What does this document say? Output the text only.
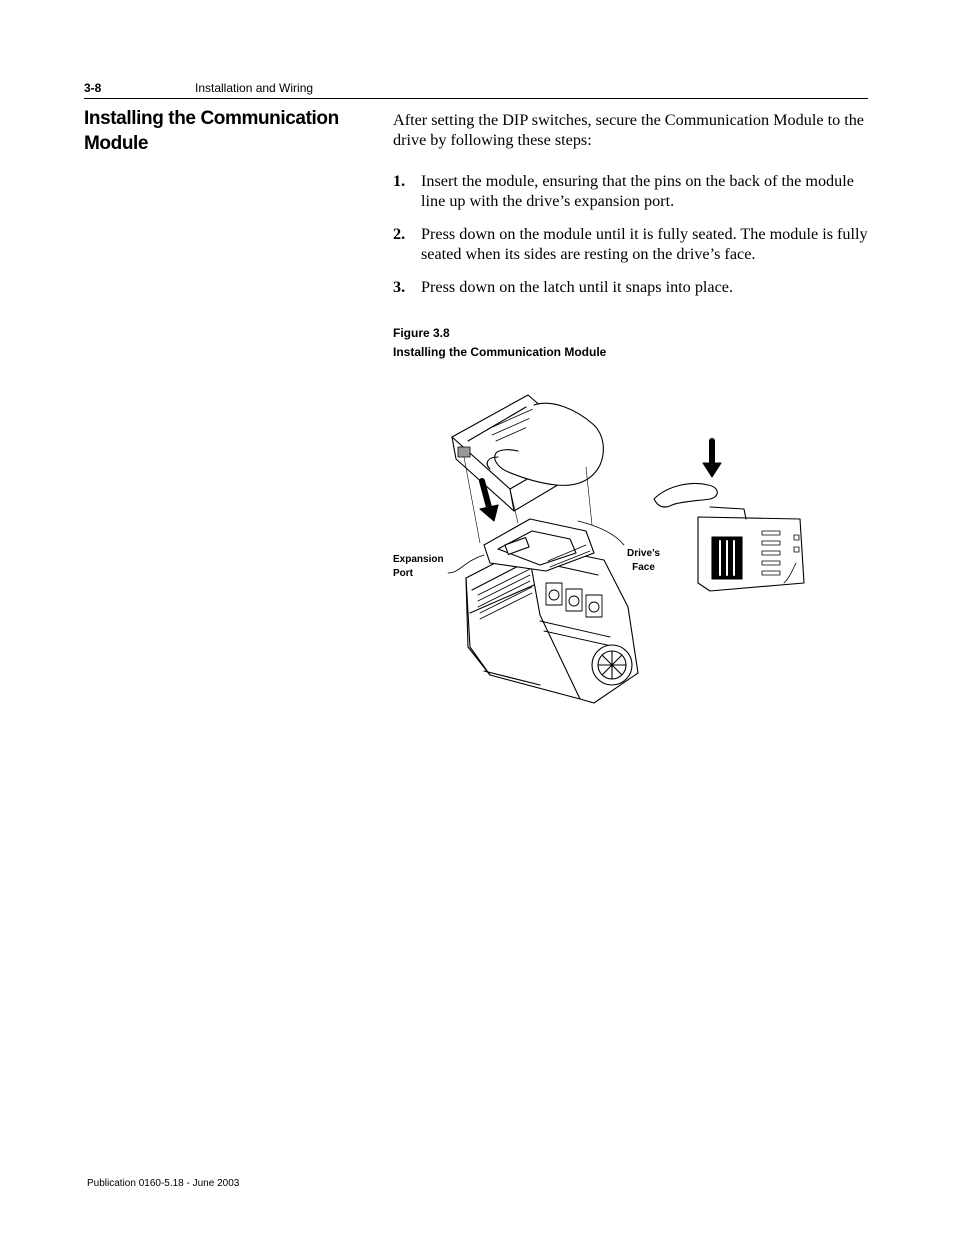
3-8	Installation and Wiring
Installing the Communication Module
After setting the DIP switches, secure the Communication Module to the drive by following these steps:
1. Insert the module, ensuring that the pins on the back of the module line up with the drive’s expansion port.
2. Press down on the module until it is fully seated. The module is fully seated when its sides are resting on the drive’s face.
3. Press down on the latch until it snaps into place.
Figure 3.8
Installing the Communication Module
Expansion
Port
Drive’s
Face
Publication 0160-5.18 - June 2003
